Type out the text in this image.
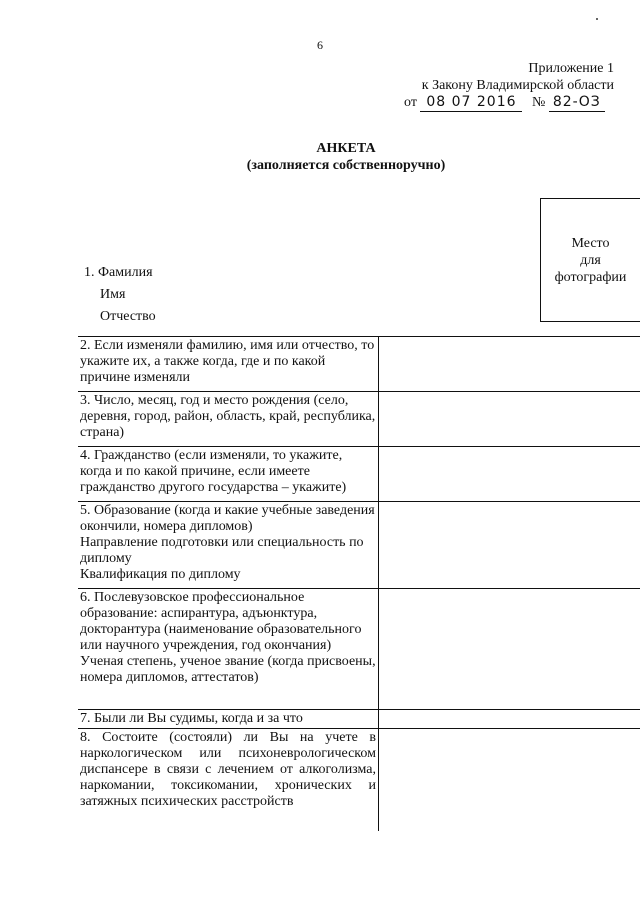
6
Приложение 1
к Закону Владимирской области
от 08 07 2016 № 82-ОЗ
АНКЕТА
(заполняется собственноручно)
Место
для
фотографии
1. Фамилия
Имя
Отчество
2. Если изменяли фамилию, имя или отчество, то укажите их, а также когда, где и по какой причине изменяли	
3. Число, месяц, год и место рождения (село, деревня, город, район, область, край, республика, страна)	
4. Гражданство (если изменяли, то укажите, когда и по какой причине, если имеете гражданство другого государства – укажите)	

5. Образование (когда и какие учебные заведения окончили, номера дипломов)
Направление подготовки или специальность по диплому
Квалификация по диплому	

6. Послевузовское профессиональное образование: аспирантура, адъюнктура, докторантура (наименование образовательного или научного учреждения, год окончания)
Ученая степень, ученое звание (когда присвоены, номера дипломов, аттестатов)	

7. Были ли Вы судимы, когда и за что	
8. Состоите (состояли) ли Вы на учете в наркологическом или психоневрологическом диспансере в связи с лечением от алкоголизма, наркомании, токсикомании, хронических и затяжных психических расстройств	
